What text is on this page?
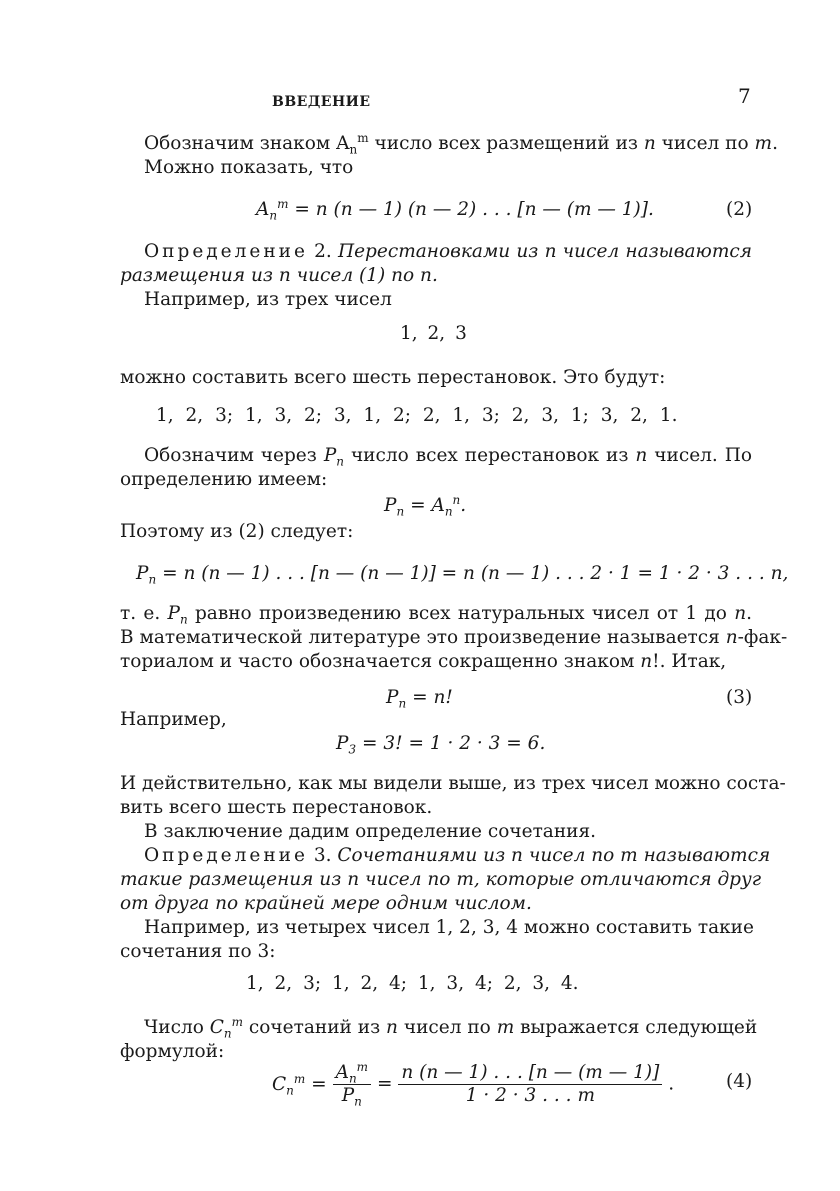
ВВЕДЕНИЕ	7
Обозначим знаком $A_n^m$ число всех размещений из n чисел по m.
Можно показать, что
$A_n^m = n$ (n — 1) (n — 2) . . . [n — (m — 1)].	(2)
Определение 2. Перестановками из n чисел называются
размещения из n чисел (1) по n.
Например, из трех чисел
1, 2, 3
можно составить всего шесть перестановок. Это будут:
1, 2, 3; 1, 3, 2; 3, 1, 2; 2, 1, 3; 2, 3, 1; 3, 2, 1.
Обозначим через $P_n$ число всех перестановок из n чисел. По
определению имеем:
$P_n = A_n^n$.
Поэтому из (2) следует:
$P_n = n$ (n — 1) . . . [n — (n — 1)] = n (n — 1) . . . 2 · 1 = 1 · 2 · 3 . . . n,
т. е. $P_n$ равно произведению всех натуральных чисел от 1 до n.
В математической литературе это произведение называется n-фак-
ториалом и часто обозначается сокращенно знаком n!. Итак,
$P_n = n$!	(3)
Например,
$P_3 = 3$! = 1 · 2 · 3 = 6.
И действительно, как мы видели выше, из трех чисел можно соста-
вить всего шесть перестановок.
В заключение дадим определение сочетания.
Определение 3. Сочетаниями из n чисел по m называются
такие размещения из n чисел по m, которые отличаются друг
от друга по крайней мере одним числом.
Например, из четырех чисел 1, 2, 3, 4 можно составить такие
сочетания по 3:
1, 2, 3; 1, 2, 4; 1, 3, 4; 2, 3, 4.
Число $C_n^m$ сочетаний из n чисел по m выражается следующей
формулой:
$C_n^m = \frac{A_n^m}{P_n} = \frac{n (n — 1) . . . [n — (m — 1)]}{1 \cdot 2 \cdot 3 . . . m}$ .	(4)
